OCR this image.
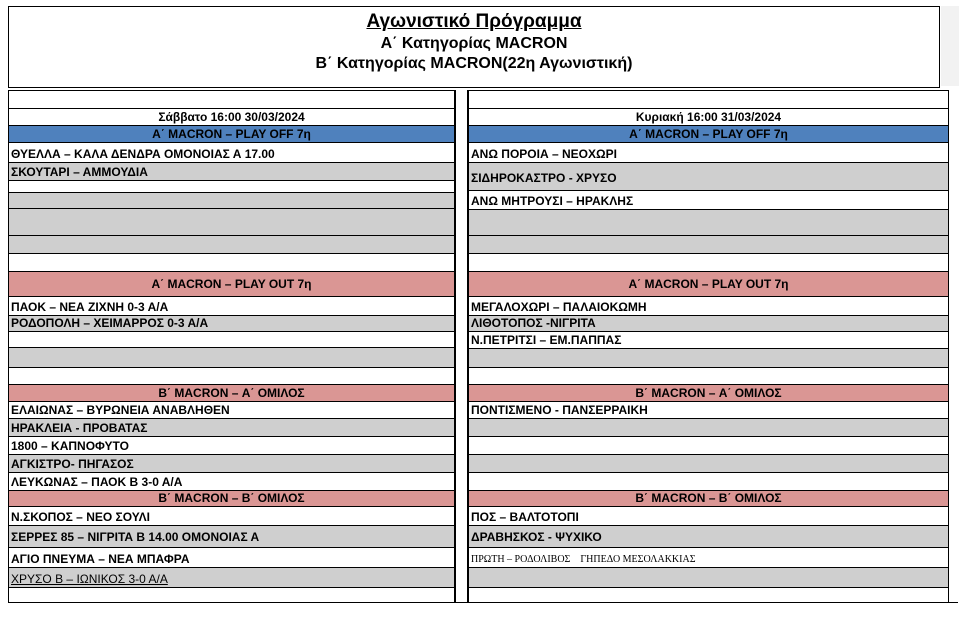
Αγωνιστικό Πρόγραμμα
Α΄ Κατηγορίας MACRON
Β΄ Κατηγορίας MACRON(22η Αγωνιστική)
Σάββατο 16:00 30/03/2024
Α΄ MACRON – PLAY OFF 7η
ΘΥΕΛΛΑ – ΚΑΛΑ ΔΕΝΔΡΑ ΟΜΟΝΟΙΑΣ Α 17.00
ΣΚΟΥΤΑΡΙ – ΑΜΜΟΥΔΙΑ
Α΄ MACRON – PLAY OUT 7η
ΠΑΟΚ – ΝΕΑ ΖΙΧΝΗ 0-3 Α/Α
ΡΟΔΟΠΟΛΗ – ΧΕΙΜΑΡΡΟΣ 0-3 Α/Α
Β΄ MACRON – Α΄ ΟΜΙΛΟΣ
ΕΛΑΙΩΝΑΣ – ΒΥΡΩΝΕΙΑ ΑΝΑΒΛΗΘΕΝ
ΗΡΑΚΛΕΙΑ - ΠΡΟΒΑΤΑΣ
1800 – ΚΑΠΝΟΦΥΤΟ
ΑΓΚΙΣΤΡΟ- ΠΗΓΑΣΟΣ
ΛΕΥΚΩΝΑΣ – ΠΑΟΚ Β 3-0 Α/Α
Β΄ MACRON – Β΄ ΟΜΙΛΟΣ
Ν.ΣΚΟΠΟΣ – ΝΕΟ ΣΟΥΛΙ
ΣΕΡΡΕΣ 85 – ΝΙΓΡΙΤΑ Β 14.00 ΟΜΟΝΟΙΑΣ Α
ΑΓΙΟ ΠΝΕΥΜΑ – ΝΕΑ ΜΠΑΦΡΑ
ΧΡΥΣΟ Β – ΙΩΝΙΚΟΣ 3-0 Α/Α
Κυριακή 16:00 31/03/2024
Α΄ MACRON – PLAY OFF 7η
ΑΝΩ ΠΟΡΟΙΑ – ΝΕΟΧΩΡΙ
ΣΙΔΗΡΟΚΑΣΤΡΟ - ΧΡΥΣΟ
ΑΝΩ ΜΗΤΡΟΥΣΙ – ΗΡΑΚΛΗΣ
Α΄ MACRON – PLAY OUT 7η
ΜΕΓΑΛΟΧΩΡΙ – ΠΑΛΑΙΟΚΩΜΗ
ΛΙΘΟΤΟΠΟΣ -ΝΙΓΡΙΤΑ
Ν.ΠΕΤΡΙΤΣΙ – ΕΜ.ΠΑΠΠΑΣ
Β΄ MACRON – Α΄ ΟΜΙΛΟΣ
ΠΟΝΤΙΣΜΕΝΟ - ΠΑΝΣΕΡΡΑΙΚΗ
Β΄ MACRON – Β΄ ΟΜΙΛΟΣ
ΠΟΣ – ΒΑΛΤΟΤΟΠΙ
ΔΡΑΒΗΣΚΟΣ - ΨΥΧΙΚΟ
ΠΡΩΤΗ – ΡΟΔΟΛΙΒΟΣ    ΓΗΠΕΔΟ ΜΕΣΟΛΑΚΚΙΑΣ
